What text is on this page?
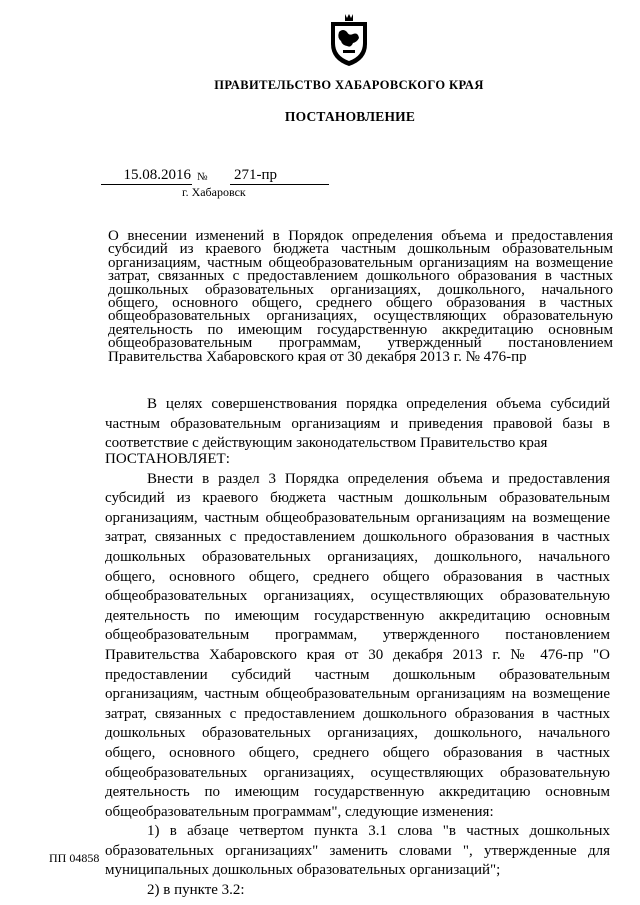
ПРАВИТЕЛЬСТВО ХАБАРОВСКОГО КРАЯ
ПОСТАНОВЛЕНИЕ
15.08.2016 № 271-пр
г. Хабаровск
О внесении изменений в Порядок определения объема и предоставления субсидий из краевого бюджета частным дошкольным образовательным организациям, частным общеобразовательным организациям на возмещение затрат, связанных с предоставлением дошкольного образования в частных дошкольных образовательных организациях, дошкольного, начального общего, основного общего, среднего общего образования в частных общеобразовательных организациях, осуществляющих образовательную деятельность по имеющим государственную аккредитацию основным общеобразовательным программам, утвержденный постановлением Правительства Хабаровского края от 30 декабря 2013 г. № 476-пр

В целях совершенствования порядка определения объема субсидий частным образовательным организациям и приведения правовой базы в соответствие с действующим законодательством Правительство края

ПОСТАНОВЛЯЕТ:

Внести в раздел 3 Порядка определения объема и предоставления субсидий из краевого бюджета частным дошкольным образовательным организациям, частным общеобразовательным организациям на возмещение затрат, связанных с предоставлением дошкольного образования в частных дошкольных образовательных организациях, дошкольного, начального общего, основного общего, среднего общего образования в частных общеобразовательных организациях, осуществляющих образовательную деятельность по имеющим государственную аккредитацию основным общеобразовательным программам, утвержденного постановлением Правительства Хабаровского края от 30 декабря 2013 г. № 476-пр "О предоставлении субсидий частным дошкольным образовательным организациям, частным общеобразовательным организациям на возмещение затрат, связанных с предоставлением дошкольного образования в частных дошкольных образовательных организациях, дошкольного, начального общего, основного общего, среднего общего образования в частных общеобразовательных организациях, осуществляющих образовательную деятельность по имеющим государственную аккредитацию основным общеобразовательным программам", следующие изменения:

1) в абзаце четвертом пункта 3.1 слова "в частных дошкольных образовательных организациях" заменить словами ", утвержденные для муниципальных дошкольных образовательных организаций";

2) в пункте 3.2:

ПП 04858
